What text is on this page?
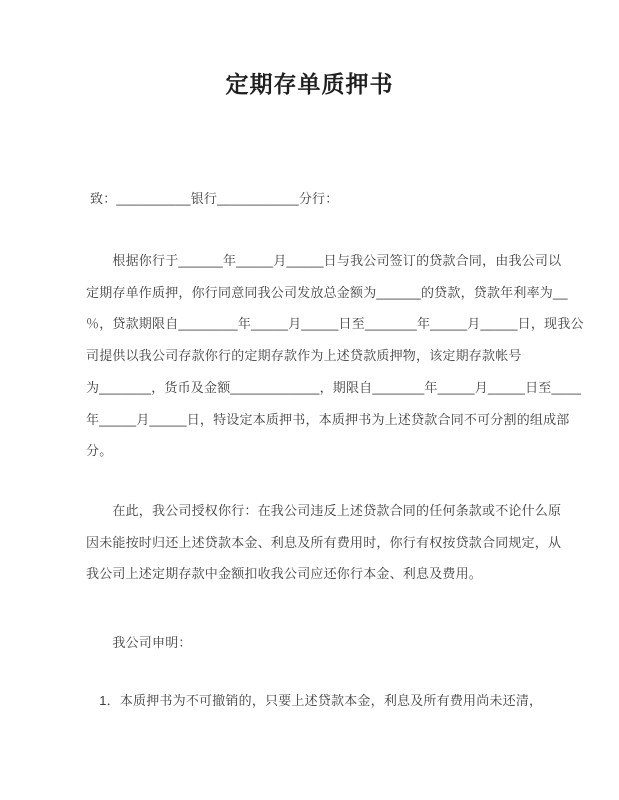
定期存单质押书
致：__________银行___________分行：
　　根据你行于______年_____月_____日与我公司签订的贷款合同，由我公司以
定期存单作质押，你行同意同我公司发放总金额为______的贷款，贷款年利率为__
％，贷款期限自________年_____月_____日至_______年_____月_____日，现我公
司提供以我公司存款你行的定期存款作为上述贷款质押物，该定期存款帐号
为_______，货币及金额____________，期限自_______年_____月_____日至____
年_____月_____日，特设定本质押书，本质押书为上述贷款合同不可分割的组成部
分。
　　在此，我公司授权你行：在我公司违反上述贷款合同的任何条款或不论什么原
因未能按时归还上述贷款本金、利息及所有费用时，你行有权按贷款合同规定，从
我公司上述定期存款中金额扣收我公司应还你行本金、利息及费用。
　　我公司申明：
　1．本质押书为不可撤销的，只要上述贷款本金，利息及所有费用尚未还清，
